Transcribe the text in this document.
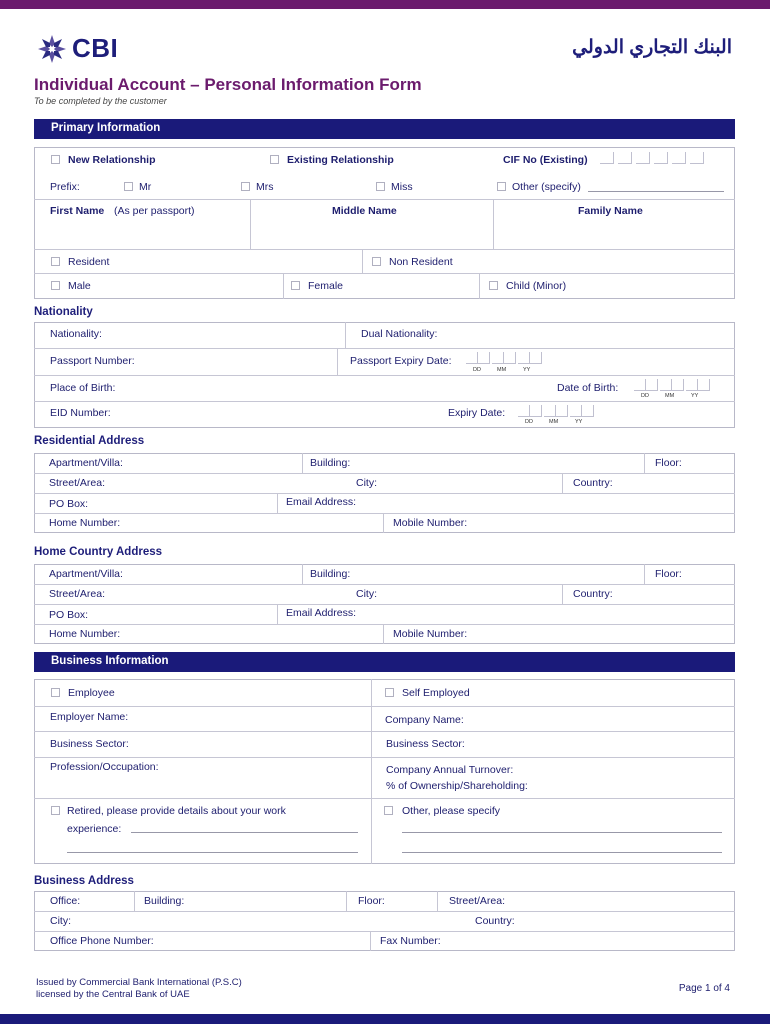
CBI	البنك التجاري الدولي
Individual Account – Personal Information Form
To be completed by the customer
Primary Information
New Relationship	Existing Relationship	CIF No (Existing)
Prefix:	Mr	Mrs	Miss	Other (specify)
First Name (As per passport)	Middle Name	Family Name
Resident	Non Resident
Male	Female	Child (Minor)
Nationality
Nationality:	Dual Nationality:
Passport Number:	Passport Expiry Date:
DD	MM	YY
Place of Birth:	Date of Birth:
DD	MM	YY
EID Number:	Expiry Date:
DD	MM	YY
Residential Address
Apartment/Villa:	Building:	Floor:
Street/Area:	City:	Country:
PO Box:	Email Address:
Home Number:	Mobile Number:
Home Country Address
Apartment/Villa:	Building:	Floor:
Street/Area:	City:	Country:
PO Box:	Email Address:
Home Number:	Mobile Number:
Business Information
Employee	Self Employed
Employer Name:	Company Name:
Business Sector:	Business Sector:
Profession/Occupation:	Company Annual Turnover:
% of Ownership/Shareholding:
Retired, please provide details about your work
experience:
Other, please specify
Business Address
Office:	Building:	Floor:	Street/Area:
City:	Country:
Office Phone Number:	Fax Number:
Issued by Commercial Bank International (P.S.C)
licensed by the Central Bank of UAE
Page 1 of 4
